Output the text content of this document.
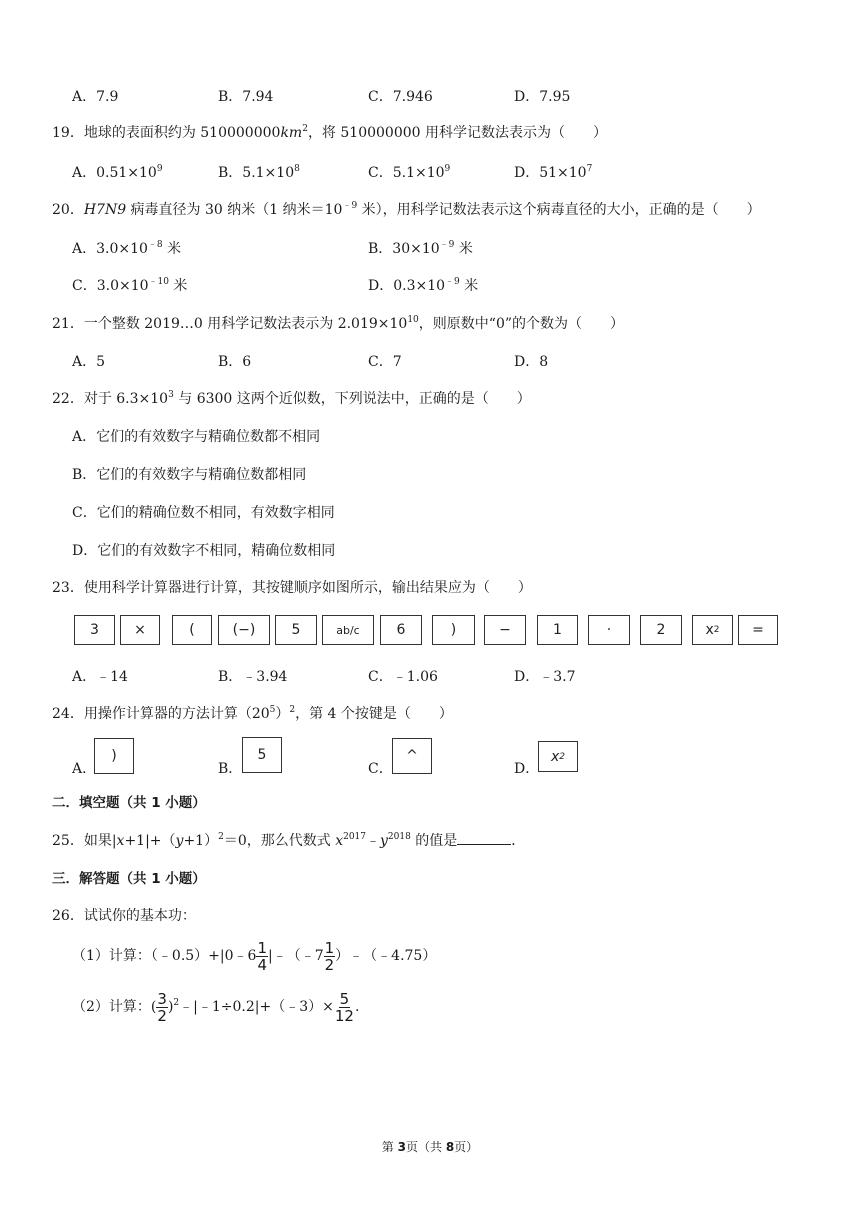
A．7.9	B．7.94	C．7.946	D．7.95
19．地球的表面积约为 $510000000km^2$，将 510000000 用科学记数法表示为（　　）
A．$0.51\times 10^9$	B．$5.1\times 10^8$	C．$5.1\times 10^9$	D．$51\times 10^7$
20．H7N9 病毒直径为 30 纳米（1 纳米$=10^{﹣9}$ 米），用科学记数法表示这个病毒直径的大小，正确的是（　　）
A．$3.0\times 10^{﹣8}$ 米	B．$30\times 10^{﹣9}$ 米
C．$3.0\times 10^{﹣10}$ 米	D．$0.3\times 10^{﹣9}$ 米
21．一个整数 2019…0 用科学记数法表示为 $2.019\times 10^{10}$，则原数中“0”的个数为（　　）
A．5	B．6	C．7	D．8
22．对于 $6.3\times 10^3$ 与 6300 这两个近似数，下列说法中，正确的是（　　）
A．它们的有效数字与精确位数都不相同
B．它们的有效数字与精确位数都相同
C．它们的精确位数不相同，有效数字相同
D．它们的有效数字不相同，精确位数相同
23．使用科学计算器进行计算，其按键顺序如图所示，输出结果应为（　　）
3	×	(	(−)	5	ab/c	6	)	−	1	·	2	x 2	=
A．﹣14	B．﹣3.94	C．﹣1.06	D．﹣3.7
24．用操作计算器的方法计算$(20^5)^2$，第 4 个按键是（　　）
A．
)
B．
5
C．
^
D．
x 2
二．填空题（共 1 小题）
25．如果$|x+1|+(y+1)^2=0$，那么代数式 $x^{2017}﹣y^{2018}$ 的值是	．
三．解答题（共 1 小题）
26．试试你的基本功：
（1）计算：（﹣0.5）+|0﹣6 $\frac{1}{4}$ |﹣（﹣7 $\frac{1}{2}$ ）﹣（﹣4.75）
（2）计算：( $\frac{3}{2}$ )$^2$﹣|﹣1÷0.2|+（﹣3）× $\frac{5}{12}$ .
第 3页（共 8页）
